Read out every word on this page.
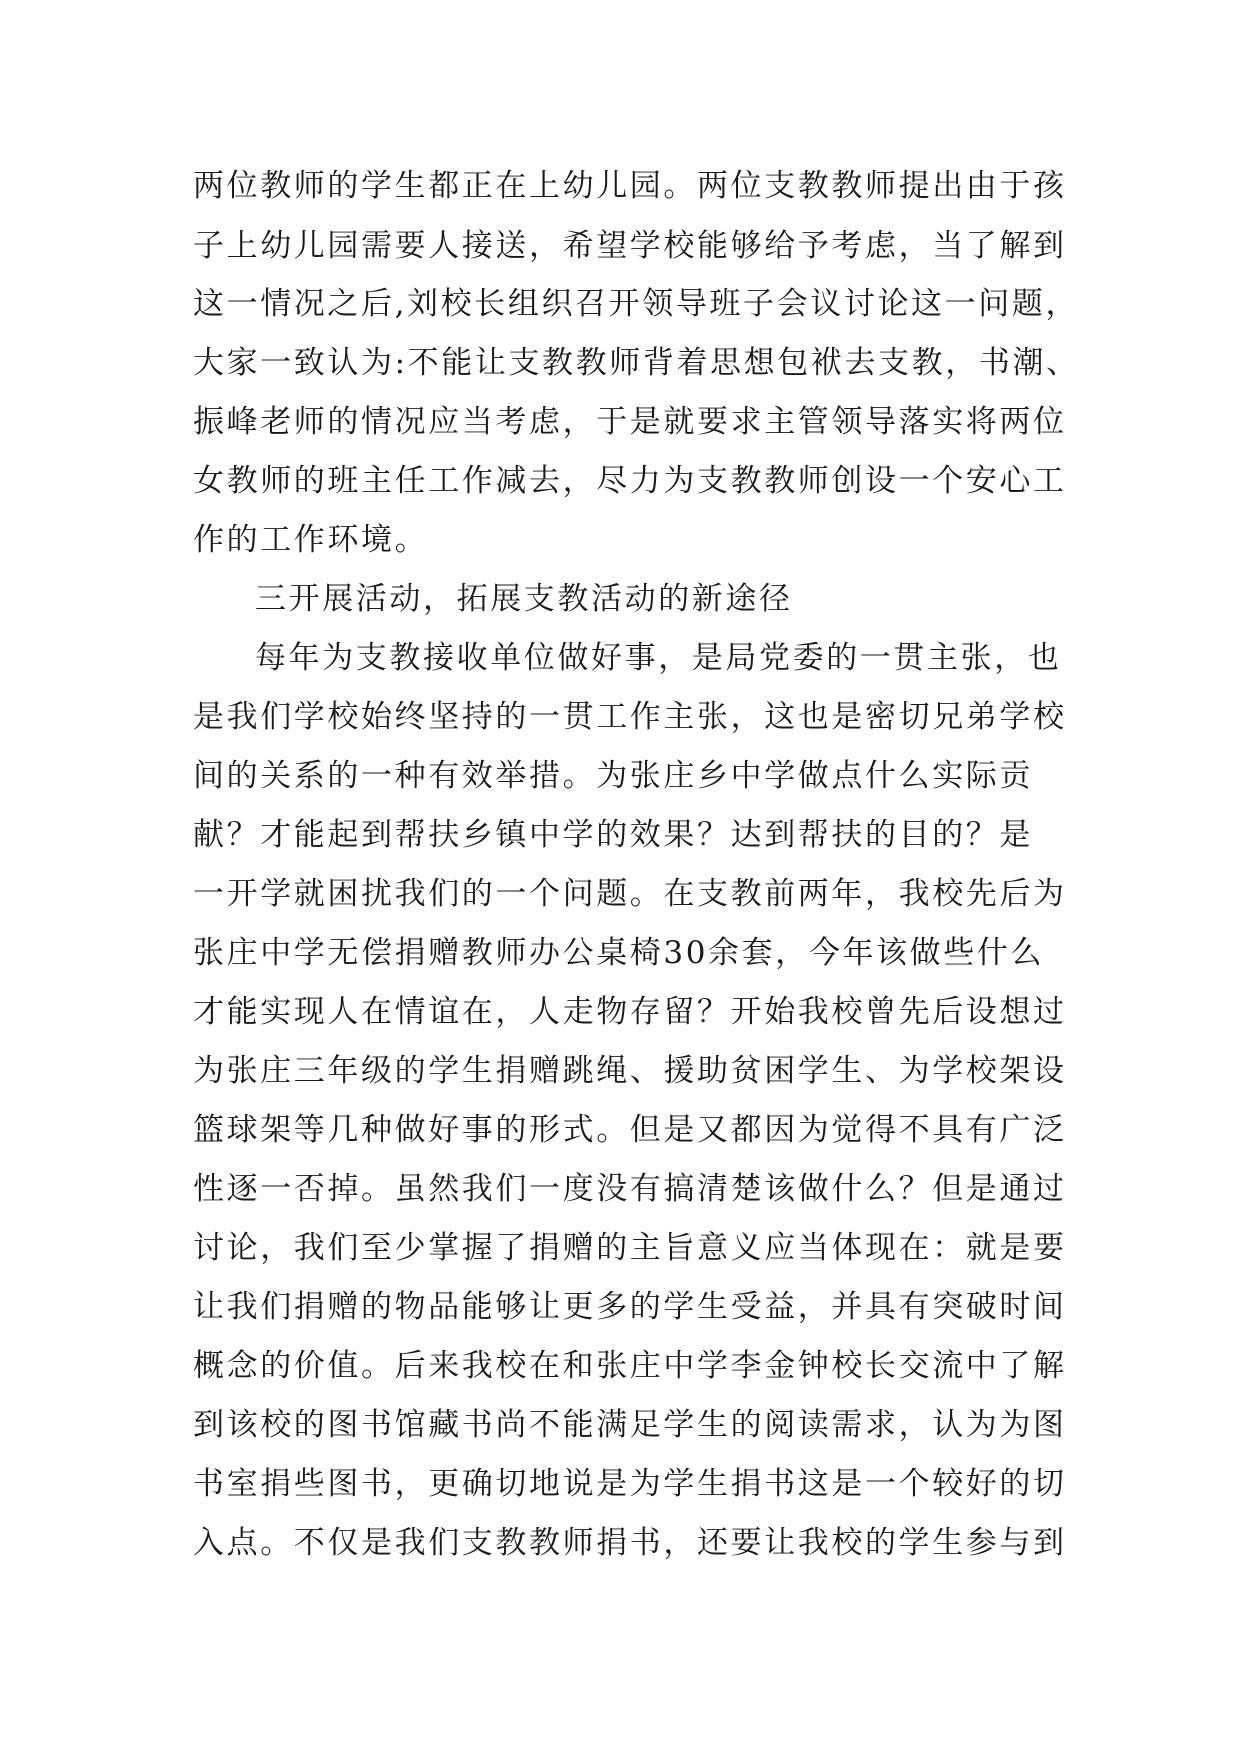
两位教师的学生都正在上幼儿园。两位支教教师提出由于孩

子上幼儿园需要人接送，希望学校能够给予考虑，当了解到

这一情况之后,刘校长组织召开领导班子会议讨论这一问题，

大家一致认为:不能让支教教师背着思想包袱去支教，书潮、

振峰老师的情况应当考虑，于是就要求主管领导落实将两位

女教师的班主任工作减去，尽力为支教教师创设一个安心工

作的工作环境。

三开展活动，拓展支教活动的新途径

每年为支教接收单位做好事，是局党委的一贯主张，也

是我们学校始终坚持的一贯工作主张，这也是密切兄弟学校

间的关系的一种有效举措。为张庄乡中学做点什么实际贡

献？才能起到帮扶乡镇中学的效果？达到帮扶的目的？是

一开学就困扰我们的一个问题。在支教前两年，我校先后为

张庄中学无偿捐赠教师办公桌椅30余套，今年该做些什么

才能实现人在情谊在，人走物存留？开始我校曾先后设想过

为张庄三年级的学生捐赠跳绳、援助贫困学生、为学校架设

篮球架等几种做好事的形式。但是又都因为觉得不具有广泛

性逐一否掉。虽然我们一度没有搞清楚该做什么？但是通过

讨论，我们至少掌握了捐赠的主旨意义应当体现在：就是要

让我们捐赠的物品能够让更多的学生受益，并具有突破时间

概念的价值。后来我校在和张庄中学李金钟校长交流中了解

到该校的图书馆藏书尚不能满足学生的阅读需求，认为为图

书室捐些图书，更确切地说是为学生捐书这是一个较好的切

入点。不仅是我们支教教师捐书，还要让我校的学生参与到
